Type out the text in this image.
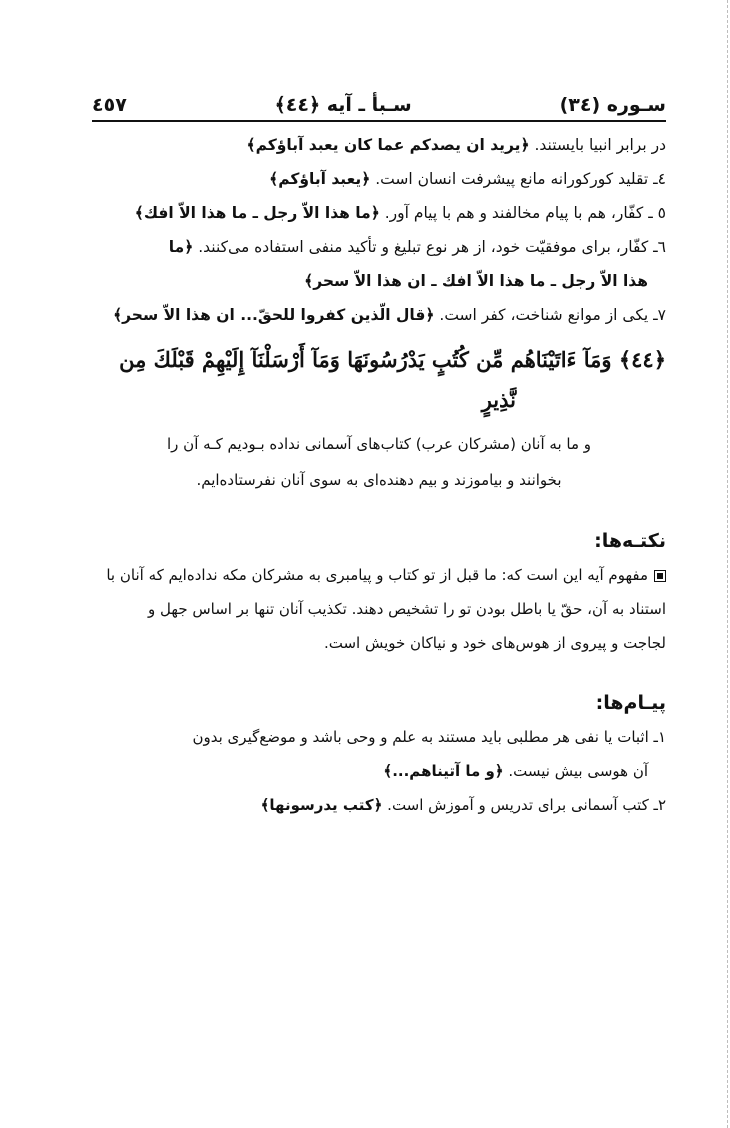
سـوره (٣٤)
سـبأ ـ آيه ﴿٤٤﴾
٤٥٧
در برابر انبيا بايستند. ﴿يريد ان يصدكم عما كان يعبد آباؤكم﴾
٤ـ تقليد كوركورانه مانع پيشرفت انسان است. ﴿يعبد آباؤكم﴾
٥ ـ كفّار، هم با پيام مخالفند و هم با پيام آور. ﴿ما هذا الاّ رجل ـ ما هذا الاّ افك﴾
٦ـ كفّار، براى موفقيّت خود، از هر نوع تبليغ و تأكيد منفى استفاده مى‌كنند. ﴿ما
هذا الاّ رجل ـ ما هذا الاّ افك ـ ان هذا الاّ سحر﴾
٧ـ يكى از موانع شناخت، كفر است. ﴿قال الّذين كفروا للحقّ... ان هذا الاّ سحر﴾
﴿٤٤﴾ وَمَآ ءَاتَيْنَاهُم مِّن كُتُبٍ يَدْرُسُونَهَا وَمَآ أَرْسَلْنَآ إِلَيْهِمْ قَبْلَكَ مِن
نَّذِيرٍ
و ما به آنان (مشركان عرب) كتاب‌هاى آسمانى نداده بـوديم كـه آن را
بخوانند و بياموزند و بيم دهنده‌اى به سوى آنان نفرستاده‌ايم.
نكتـه‌ها:
مفهوم آيه اين است كه: ما قبل از تو كتاب و پيامبرى به مشركان مكه نداده‌ايم كه آنان با
استناد به آن، حقّ يا باطل بودن تو را تشخيص دهند. تكذيب آنان تنها بر اساس جهل و
لجاجت و پيروى از هوس‌هاى خود و نياكان خويش است.
پيـام‌ها:
١ـ اثبات يا نفى هر مطلبى بايد مستند به علم و وحى باشد و موضع‌گيرى بدون
آن هوسى بيش نيست. ﴿و ما آتيناهم...﴾
٢ـ كتب آسمانى براى تدريس و آموزش است. ﴿كتب يدرسونها﴾
